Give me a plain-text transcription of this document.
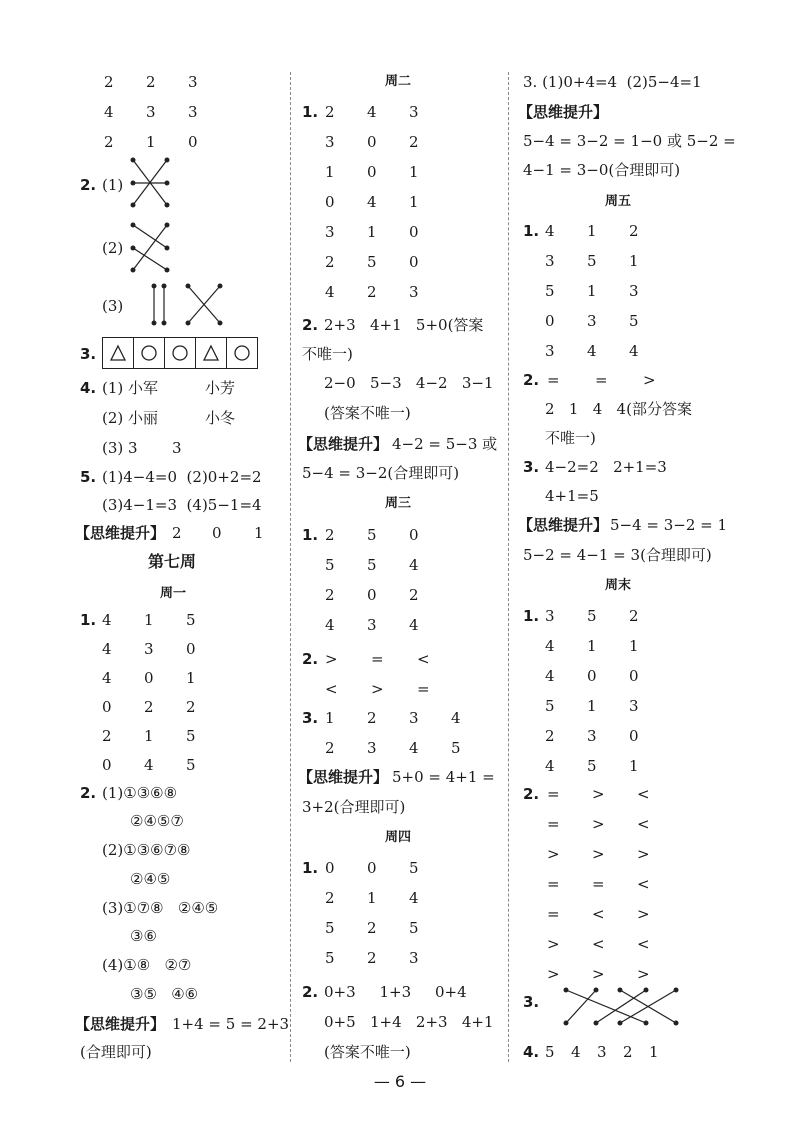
2. (1)
(2)
(3)
3.
4. (1) 小军	小芳
(2) 小丽	小冬
(3) 3 3
5. (1)4−4=0  (2)0+2=2
(3)4−1=3  (4)5−1=4
【思维提升】 2 0 1
第七周
周一
1.
2. (1)①③⑥⑧
②④⑤⑦
(2)①③⑥⑦⑧
②④⑤
(3)①⑦⑧   ②④⑤
③⑥
(4)①⑧   ②⑦
③⑤   ④⑥
【思维提升】 1+4 = 5 = 2+3
(合理即可)
周二
1.
2. 2+3   4+1   5+0(答案
不唯一)
2−0   5−3   4−2   3−1
(答案不唯一)
【思维提升】 4−2 = 5−3 或
5−4 = 3−2(合理即可)
周三
1.
2.
3.
【思维提升】 5+0 = 4+1 =
3+2(合理即可)
周四
1.
2. 0+3     1+3     0+4
0+5   1+4   2+3   4+1
(答案不唯一)
3. (1)0+4=4  (2)5−4=1
【思维提升】
5−4 = 3−2 = 1−0 或 5−2 =
4−1 = 3−0(合理即可)
周五
1.
2.
2   1   4   4(部分答案
不唯一)
3. 4−2=2   2+1=3
4+1=5
【思维提升】 5−4 = 3−2 = 1
5−2 = 4−1 = 3(合理即可)
周末
1.
2.
3.
4.
— 6 —
2 2 3
4 3 3
2 1 0
4 1 5
4 3 0
4 0 1
0 2 2
2 1 5
0 4 5
2 4 3
3 0 2
1 0 1
0 4 1
3 1 0
2 5 0
4 2 3
2 5 0
5 5 4
2 0 2
4 3 4
> = <
< > =
1 2 3 4
2 3 4 5
0 0 5
2 1 4
5 2 5
5 2 3
4 1 2
3 5 1
5 1 3
0 3 5
3 4 4
3 5 2
4 1 1
4 0 0
5 1 3
2 3 0
4 5 1
= > <
= > <
> > >
= = <
= < >
> < <
> > >
= = >
5 4 3 2 1
